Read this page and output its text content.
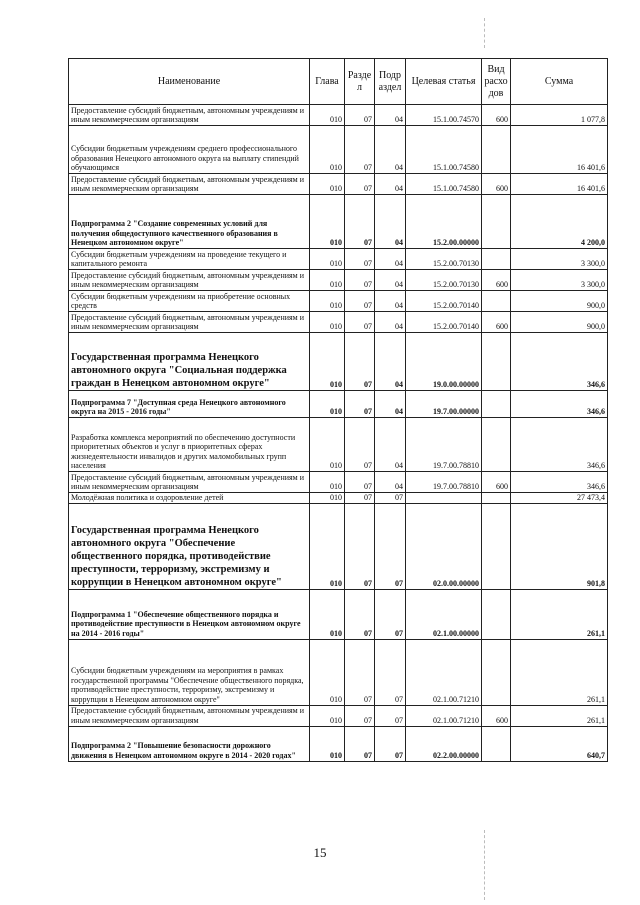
Наименование	Глава	Разде л	Подр аздел	Целевая статья	Вид расхо дов	Сумма
Предоставление субсидий бюджетным, автономным учреждениям и иным некоммерческим организациям	010	07	04	15.1.00.74570	600	1 077,8
Субсидии бюджетным учреждениям среднего профессионального образования Ненецкого автономного округа на выплату стипендий обучающимся	010	07	04	15.1.00.74580		16 401,6
Предоставление субсидий бюджетным, автономным учреждениям и иным некоммерческим организациям	010	07	04	15.1.00.74580	600	16 401,6
Подпрограмма 2 "Создание современных условий для получения общедоступного качественного образования в Ненецком автономном округе"	010	07	04	15.2.00.00000		4 200,0
Субсидии бюджетным учреждениям на проведение текущего и капитального ремонта	010	07	04	15.2.00.70130		3 300,0
Предоставление субсидий бюджетным, автономным учреждениям и иным некоммерческим организациям	010	07	04	15.2.00.70130	600	3 300,0
Субсидии бюджетным учреждениям на приобретение основных средств	010	07	04	15.2.00.70140		900,0
Предоставление субсидий бюджетным, автономным учреждениям и иным некоммерческим организациям	010	07	04	15.2.00.70140	600	900,0
Государственная программа Ненецкого автономного округа "Социальная поддержка граждан в Ненецком автономном округе"	010	07	04	19.0.00.00000		346,6
Подпрограмма 7 "Доступная среда Ненецкого автономного округа на 2015 - 2016 годы"	010	07	04	19.7.00.00000		346,6
Разработка комплекса мероприятий по обеспечению доступности приоритетных объектов и услуг в приоритетных сферах жизнедеятельности инвалидов и других маломобильных групп населения	010	07	04	19.7.00.78810		346,6
Предоставление субсидий бюджетным, автономным учреждениям и иным некоммерческим организациям	010	07	04	19.7.00.78810	600	346,6
Молодёжная политика и оздоровление детей	010	07	07			27 473,4
Государственная программа Ненецкого автономного округа "Обеспечение общественного порядка, противодействие преступности, терроризму, экстремизму и коррупции в Ненецком автономном округе"	010	07	07	02.0.00.00000		901,8
Подпрограмма 1 "Обеспечение общественного порядка и противодействие преступности в Ненецком автономном округе на 2014 - 2016 годы"	010	07	07	02.1.00.00000		261,1
Субсидии бюджетным учреждениям на мероприятия в рамках государственной программы "Обеспечение общественного порядка, противодействие преступности, терроризму, экстремизму и коррупции в Ненецком автономном округе"	010	07	07	02.1.00.71210		261,1
Предоставление субсидий бюджетным, автономным учреждениям и иным некоммерческим организациям	010	07	07	02.1.00.71210	600	261,1
Подпрограмма 2 "Повышение безопасности дорожного движения в Ненецком автономном округе в 2014 - 2020 годах"	010	07	07	02.2.00.00000		640,7
15
